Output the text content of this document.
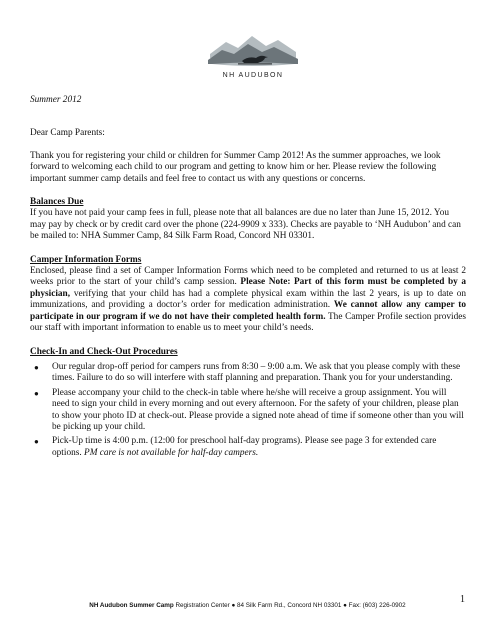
NH AUDUBON

Summer 2012

Dear Camp Parents:

Thank you for registering your child or children for Summer Camp 2012! As the summer approaches, we look forward to welcoming each child to our program and getting to know him or her. Please review the following important summer camp details and feel free to contact us with any questions or concerns.

Balances Due

If you have not paid your camp fees in full, please note that all balances are due no later than June 15, 2012. You may pay by check or by credit card over the phone (224-9909 x 333). Checks are payable to ‘NH Audubon’ and can be mailed to: NHA Summer Camp, 84 Silk Farm Road, Concord NH 03301.

Camper Information Forms

Enclosed, please find a set of Camper Information Forms which need to be completed and returned to us at least 2 weeks prior to the start of your child’s camp session. Please Note: Part of this form must be completed by a physician, verifying that your child has had a complete physical exam within the last 2 years, is up to date on immunizations, and providing a doctor’s order for medication administration. We cannot allow any camper to participate in our program if we do not have their completed health form. The Camper Profile section provides our staff with important information to enable us to meet your child’s needs.

Check-In and Check-Out Procedures

● Our regular drop-off period for campers runs from 8:30 – 9:00 a.m. We ask that you please comply with these times. Failure to do so will interfere with staff planning and preparation. Thank you for your understanding.
● Please accompany your child to the check-in table where he/she will receive a group assignment. You will need to sign your child in every morning and out every afternoon. For the safety of your children, please plan to show your photo ID at check-out. Please provide a signed note ahead of time if someone other than you will be picking up your child.
● Pick-Up time is 4:00 p.m. (12:00 for preschool half-day programs). Please see page 3 for extended care options. PM care is not available for half-day campers.
1
NH Audubon Summer Camp Registration Center ● 84 Silk Farm Rd., Concord NH 03301 ● Fax: (603) 226-0902
